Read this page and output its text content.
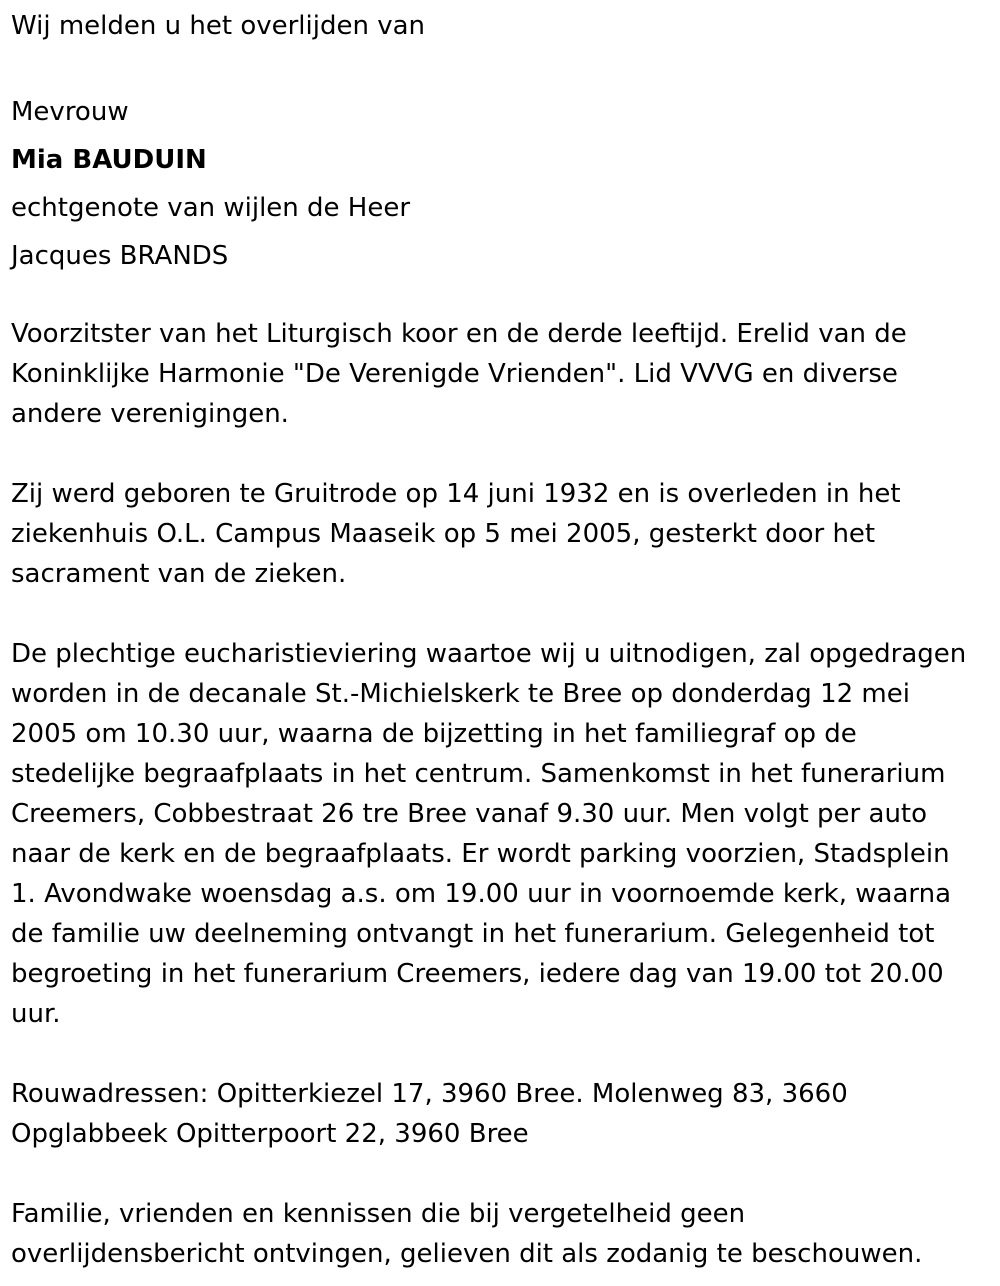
Wij melden u het overlijden van

Mevrouw

Mia BAUDUIN

echtgenote van wijlen de Heer

Jacques BRANDS

Voorzitster van het Liturgisch koor en de derde leeftijd. Erelid van de
Koninklijke Harmonie "De Verenigde Vrienden". Lid VVVG en diverse
andere verenigingen.
Zij werd geboren te Gruitrode op 14 juni 1932 en is overleden in het
ziekenhuis O.L. Campus Maaseik op 5 mei 2005, gesterkt door het
sacrament van de zieken.
De plechtige eucharistieviering waartoe wij u uitnodigen, zal opgedragen
worden in de decanale St.-Michielskerk te Bree op donderdag 12 mei
2005 om 10.30 uur, waarna de bijzetting in het familiegraf op de
stedelijke begraafplaats in het centrum. Samenkomst in het funerarium
Creemers, Cobbestraat 26 tre Bree vanaf 9.30 uur. Men volgt per auto
naar de kerk en de begraafplaats. Er wordt parking voorzien, Stadsplein
1. Avondwake woensdag a.s. om 19.00 uur in voornoemde kerk, waarna
de familie uw deelneming ontvangt in het funerarium. Gelegenheid tot
begroeting in het funerarium Creemers, iedere dag van 19.00 tot 20.00
uur.
Rouwadressen: Opitterkiezel 17, 3960 Bree. Molenweg 83, 3660
Opglabbeek Opitterpoort 22, 3960 Bree
Familie, vrienden en kennissen die bij vergetelheid geen
overlijdensbericht ontvingen, gelieven dit als zodanig te beschouwen.
